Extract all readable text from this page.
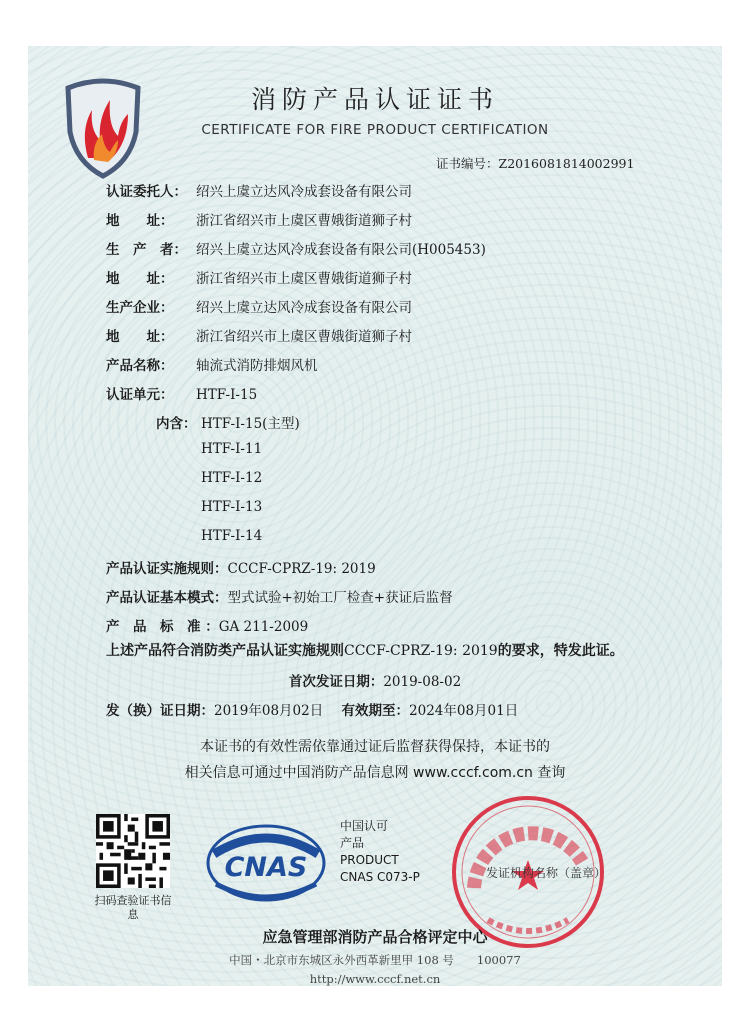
消防产品认证证书
CERTIFICATE FOR FIRE PRODUCT CERTIFICATION
证书编号：Z2016081814002991
认证委托人： 绍兴上虞立达风冷成套设备有限公司
地　　址： 浙江省绍兴市上虞区曹娥街道狮子村
生　产　者： 绍兴上虞立达风冷成套设备有限公司(H005453)
地　　址： 浙江省绍兴市上虞区曹娥街道狮子村
生产企业： 绍兴上虞立达风冷成套设备有限公司
地　　址： 浙江省绍兴市上虞区曹娥街道狮子村
产品名称： 轴流式消防排烟风机
认证单元： HTF-I-15
内含： HTF-I-15(主型)
HTF-I-11
HTF-I-12
HTF-I-13
HTF-I-14
产品认证实施规则：CCCF-CPRZ-19: 2019
产品认证基本模式：型式试验+初始工厂检查+获证后监督
产　品　标　准 ：GA 211-2009
上述产品符合消防类产品认证实施规则CCCF-CPRZ-19: 2019的要求，特发此证。
首次发证日期：2019-08-02
发（换）证日期：2019年08月02日 有效期至：2024年08月01日
本证书的有效性需依靠通过证后监督获得保持，本证书的
相关信息可通过中国消防产品信息网 www.cccf.com.cn 查询
扫码查验证书信息
CNAS
中国认可
产品
PRODUCT
CNAS C073-P	发证机构名称（盖章）
应急管理部消防产品合格评定中心
中国・北京市东城区永外西革新里甲 108 号　　100077
http://www.cccf.net.cn
